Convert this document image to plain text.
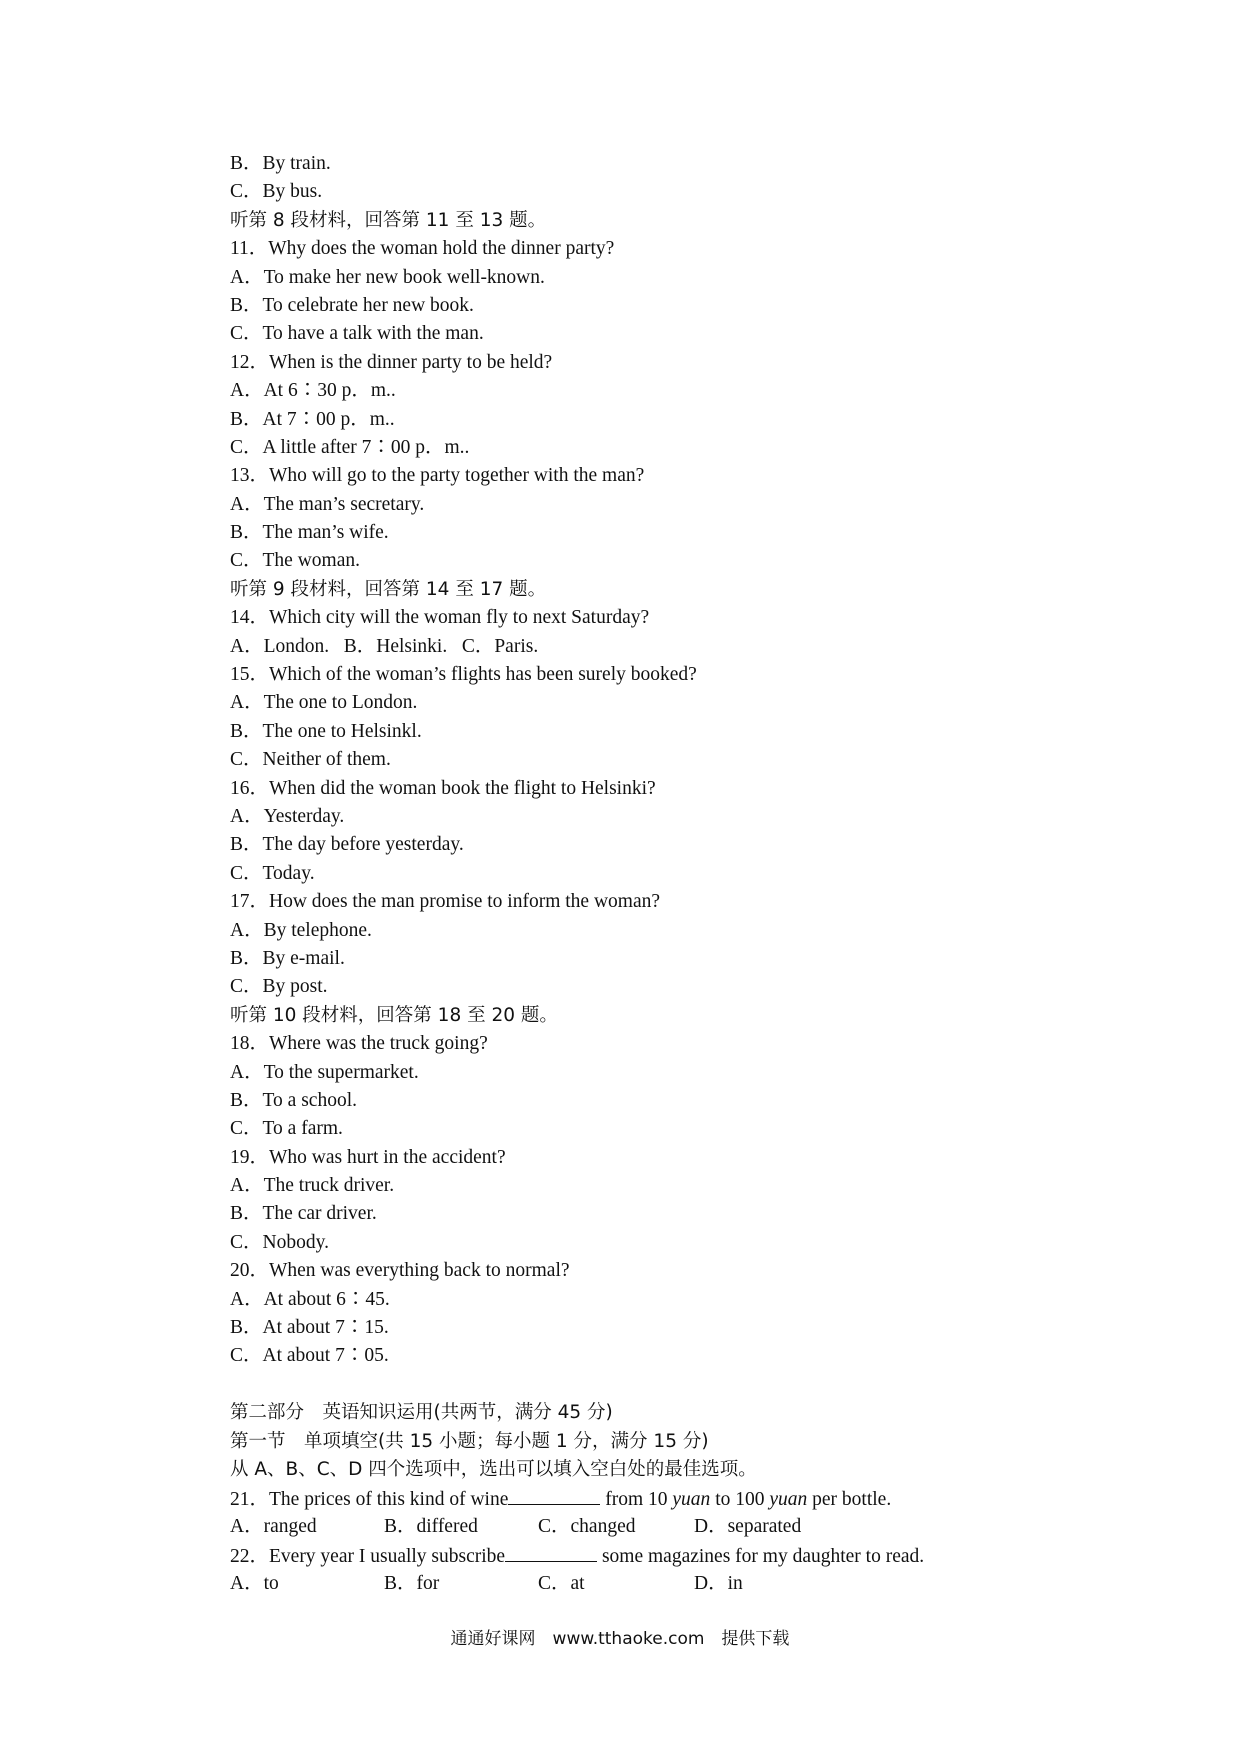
B．By train.
C．By bus.
听第 8 段材料，回答第 11 至 13 题。
11．Why does the woman hold the dinner party?
A．To make her new book well-known.
B．To celebrate her new book.
C．To have a talk with the man.
12．When is the dinner party to be held?
A．At 6∶30 p．m..
B．At 7∶00 p．m..
C．A little after 7∶00 p．m..
13．Who will go to the party together with the man?
A．The man’s secretary.
B．The man’s wife.
C．The woman.
听第 9 段材料，回答第 14 至 17 题。
14．Which city will the woman fly to next Saturday?
A．London.   B．Helsinki.   C．Paris.
15．Which of the woman’s flights has been surely booked?
A．The one to London.
B．The one to Helsinkl.
C．Neither of them.
16．When did the woman book the flight to Helsinki?
A．Yesterday.
B．The day before yesterday.
C．Today.
17．How does the man promise to inform the woman?
A．By telephone.
B．By e-mail.
C．By post.
听第 10 段材料，回答第 18 至 20 题。
18．Where was the truck going?
A．To the supermarket.
B．To a school.
C．To a farm.
19．Who was hurt in the accident?
A．The truck driver.
B．The car driver.
C．Nobody.
20．When was everything back to normal?
A．At about 6∶45.
B．At about 7∶15.
C．At about 7∶05.
第二部分　英语知识运用(共两节，满分 45 分)
第一节　单项填空(共 15 小题；每小题 1 分，满分 15 分)
从 A、B、C、D 四个选项中，选出可以填入空白处的最佳选项。
21．The prices of this kind of wine	from 10 yuan to 100 yuan per bottle.
A．ranged	B．differed	C．changed	D．separated
22．Every year I usually subscribe	some magazines for my daughter to read.
A．to	B．for	C．at	D．in
通通好课网　www.tthaoke.com　提供下载
